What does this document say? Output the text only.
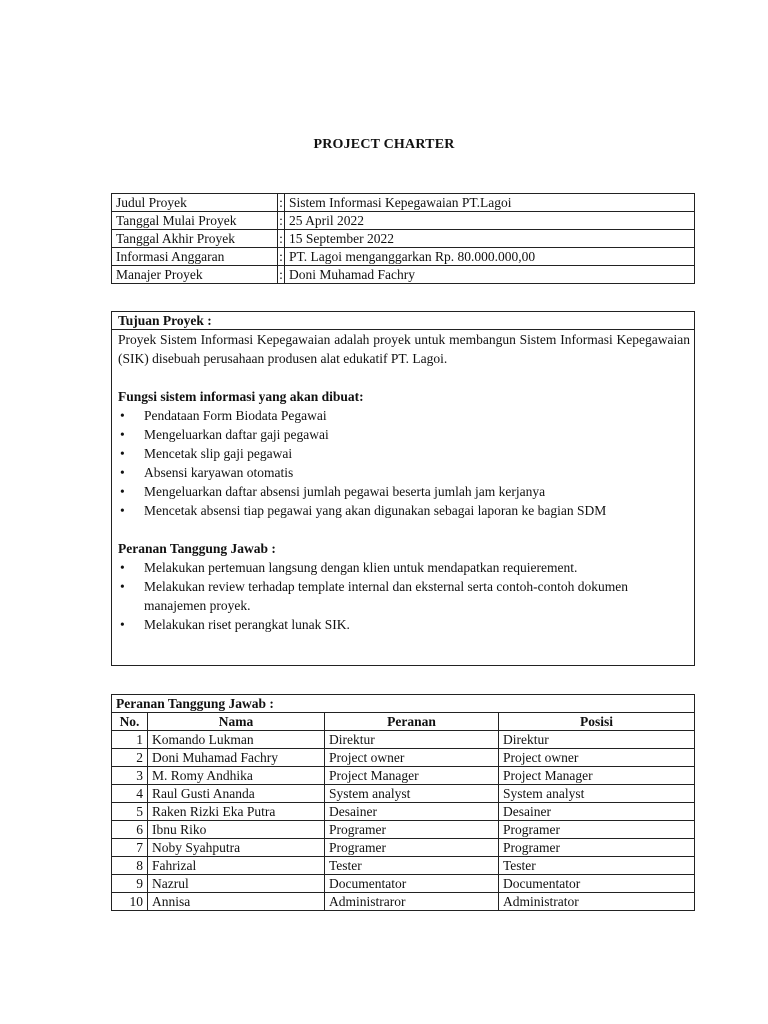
PROJECT CHARTER
Judul Proyek	:	Sistem Informasi Kepegawaian PT.Lagoi
Tanggal Mulai Proyek	:	25 April 2022
Tanggal Akhir Proyek	:	15 September 2022
Informasi Anggaran	:	PT. Lagoi menganggarkan Rp. 80.000.000,00
Manajer Proyek	:	Doni Muhamad Fachry
Tujuan Proyek :

Proyek Sistem Informasi Kepegawaian adalah proyek untuk membangun Sistem Informasi Kepegawaian (SIK) disebuah perusahaan produsen alat edukatif PT. Lagoi.

Fungsi sistem informasi yang akan dibuat:

• Pendataan Form Biodata Pegawai
• Mengeluarkan daftar gaji pegawai
• Mencetak slip gaji pegawai
• Absensi karyawan otomatis
• Mengeluarkan daftar absensi jumlah pegawai beserta jumlah jam kerjanya
• Mencetak absensi tiap pegawai yang akan digunakan sebagai laporan ke bagian SDM

Peranan Tanggung Jawab :

• Melakukan pertemuan langsung dengan klien untuk mendapatkan requierement.
• Melakukan review terhadap template internal dan eksternal serta contoh-contoh dokumen manajemen proyek.
• Melakukan riset perangkat lunak SIK.
Peranan Tanggung Jawab :			
No.	Nama	Peranan	Posisi
1	Komando Lukman	Direktur	Direktur
2	Doni Muhamad Fachry	Project owner	Project owner
3	M. Romy Andhika	Project Manager	Project Manager
4	Raul Gusti Ananda	System analyst	System analyst
5	Raken Rizki Eka Putra	Desainer	Desainer
6	Ibnu Riko	Programer	Programer
7	Noby Syahputra	Programer	Programer
8	Fahrizal	Tester	Tester
9	Nazrul	Documentator	Documentator
10	Annisa	Administraror	Administrator
